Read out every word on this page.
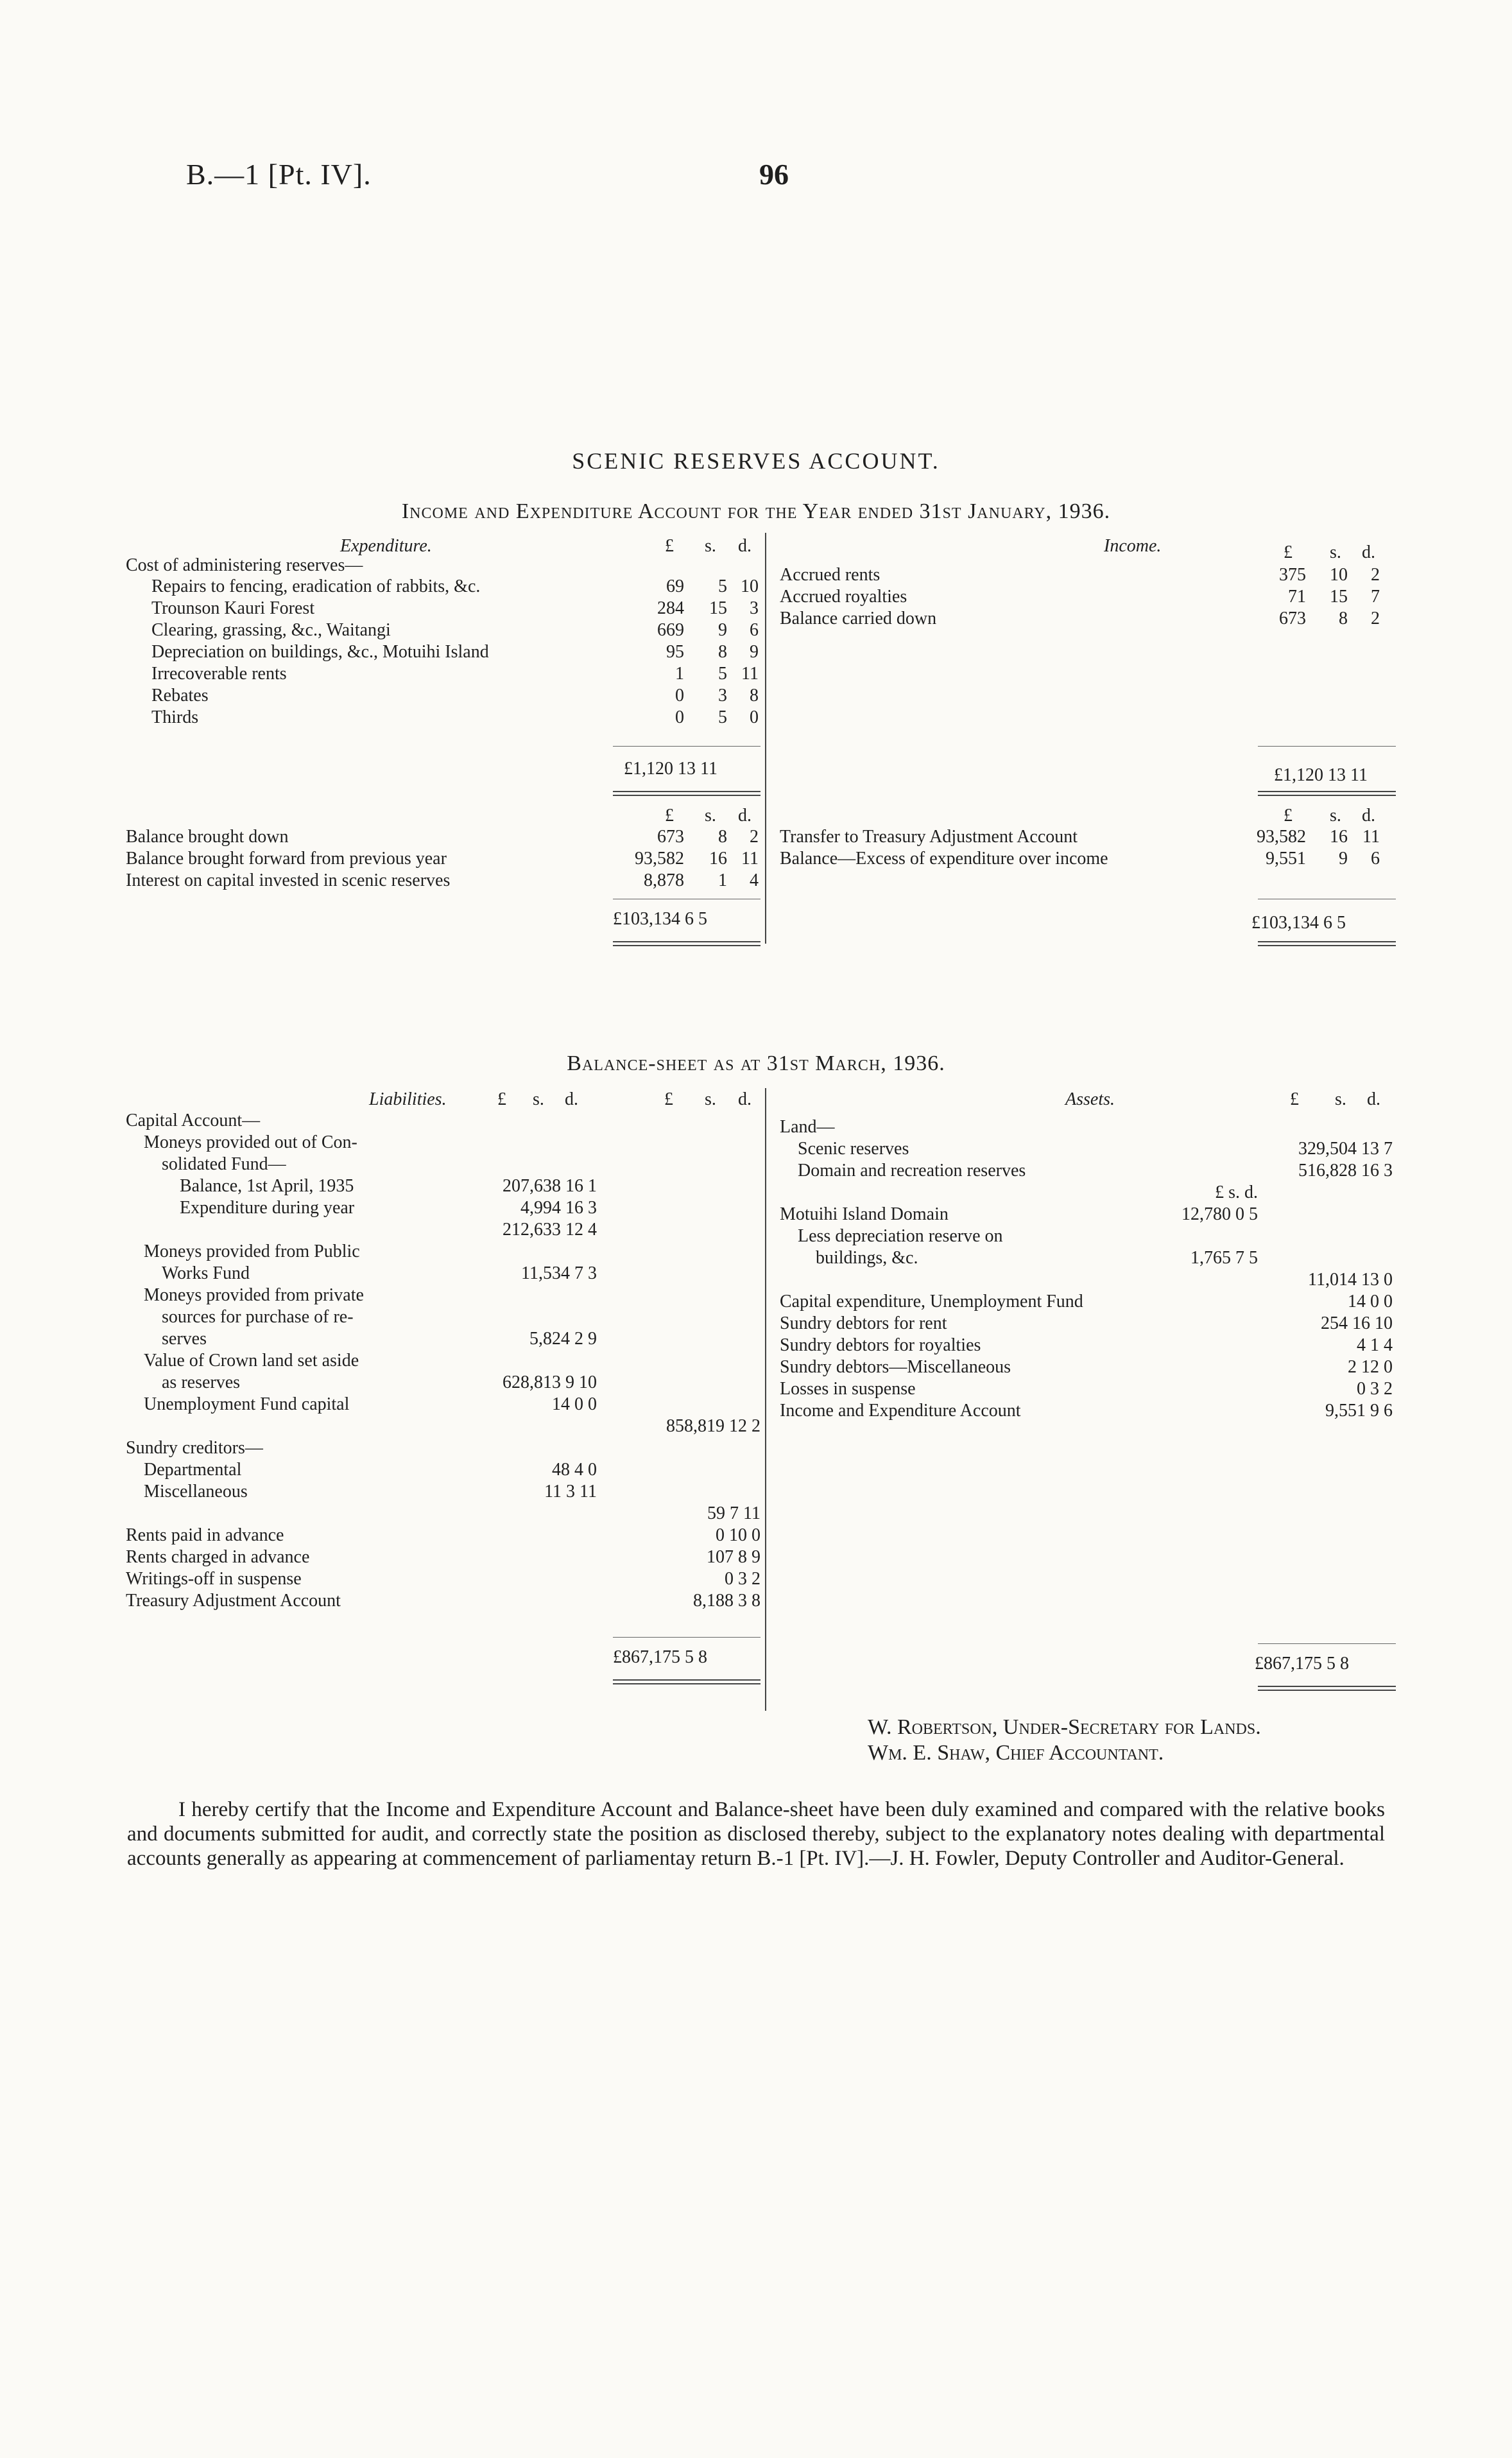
B.—1 [Pt. IV].	96
SCENIC RESERVES ACCOUNT.
Income and Expenditure Account for the Year ended 31st January, 1936.
Expenditure.	£ s. d.	Income.	£ s. d.
Cost of administering reserves—
Repairs to fencing, eradication of rabbits, &c.	69	5 10
Trounson Kauri Forest	284	15	3
Clearing, grassing, &c., Waitangi	669	9	6
Depreciation on buildings, &c., Motuihi Island	95	8	9
Irrecoverable rents	1	5 11
Rebates	0	3	8
Thirds	0	5	0
Accrued rents	375	10	2
Accrued royalties	71	15	7
Balance carried down	673	8	2
£1,120 13 11	£1,120 13 11
£ s. d.	£ s. d.
Balance brought down	673	8	2
Balance brought forward from previous year	93,582	16 11
Interest on capital invested in scenic reserves	8,878	1	4
Transfer to Treasury Adjustment Account	93,582	16 11
Balance—Excess of expenditure over income	9,551	9	6
£103,134 6 5	£103,134 6 5
Balance-sheet as at 31st March, 1936.
Liabilities.	£ s. d.	£ s. d.	Assets.	£ s. d.
Capital Account—
Moneys provided out of Con-
solidated Fund—
Balance, 1st April, 1935	207,638 16 1
Expenditure during year	4,994 16 3
212,633 12 4
Moneys provided from Public
Works Fund	11,534 7 3
Moneys provided from private
sources for purchase of re-
serves	5,824 2 9
Value of Crown land set aside
as reserves	628,813 9 10
Unemployment Fund capital	14 0 0
858,819 12 2
Sundry creditors—
Departmental	48 4 0
Miscellaneous	11 3 11
59 7 11
Rents paid in advance	0 10 0
Rents charged in advance	107 8 9
Writings-off in suspense	0 3 2
Treasury Adjustment Account	8,188 3 8
Land—
Scenic reserves	329,504 13 7
Domain and recreation reserves	516,828 16 3
£ s. d.
Motuihi Island Domain	12,780 0 5
Less depreciation reserve on
buildings, &c.	1,765 7 5
11,014 13 0
Capital expenditure, Unemployment Fund	14 0 0
Sundry debtors for rent	254 16 10
Sundry debtors for royalties	4 1 4
Sundry debtors—Miscellaneous	2 12 0
Losses in suspense	0 3 2
Income and Expenditure Account	9,551 9 6
£867,175 5 8	£867,175 5 8
W. Robertson, Under-Secretary for Lands.
Wm. E. Shaw, Chief Accountant.
I hereby certify that the Income and Expenditure Account and Balance-sheet have been duly examined and compared with the relative books and documents submitted for audit, and correctly state the position as disclosed thereby, subject to the explanatory notes dealing with departmental accounts generally as appearing at commencement of parliamentay return B.-1 [Pt. IV].—J. H. Fowler, Deputy Controller and Auditor-General.
